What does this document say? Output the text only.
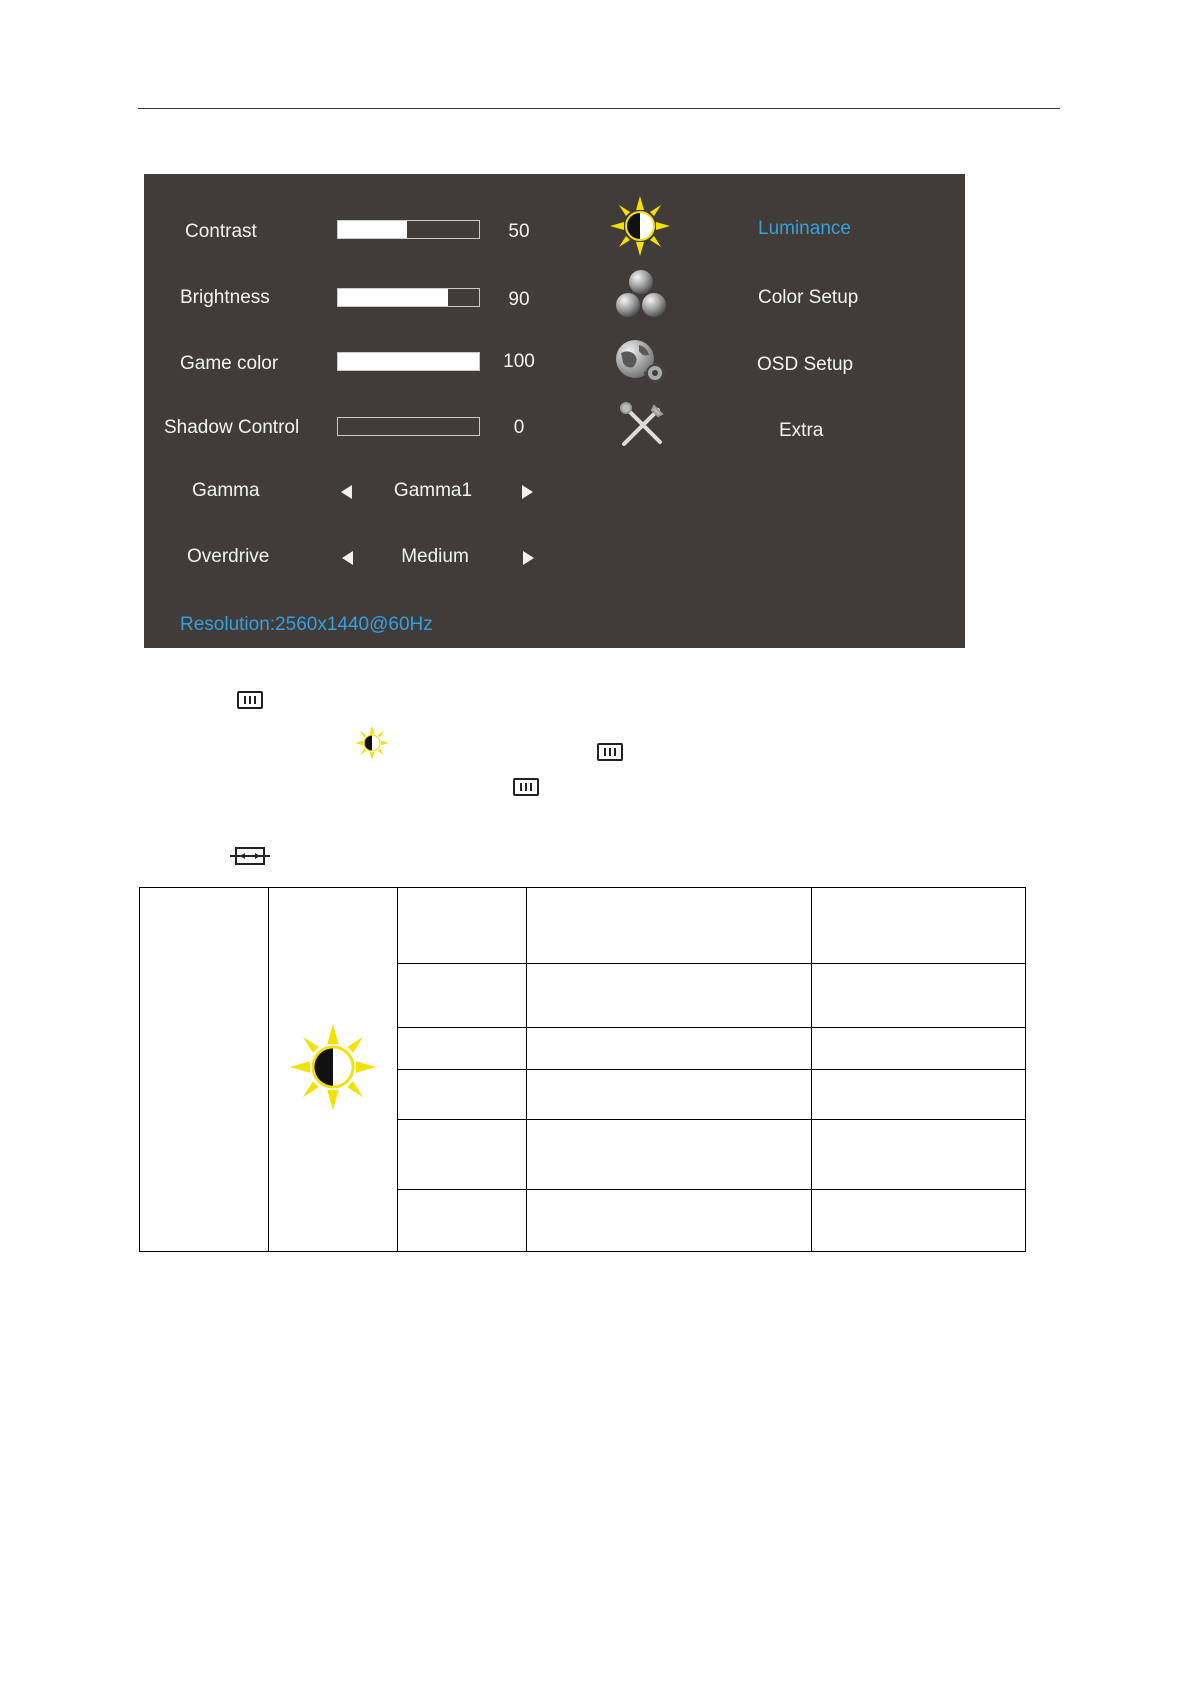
Contrast	50
Brightness	90
Game color	100
Shadow Control	0
Gamma	Gamma1
Overdrive	Medium
Luminance
Color Setup
OSD Setup
Extra
Resolution:2560x1440@60Hz
